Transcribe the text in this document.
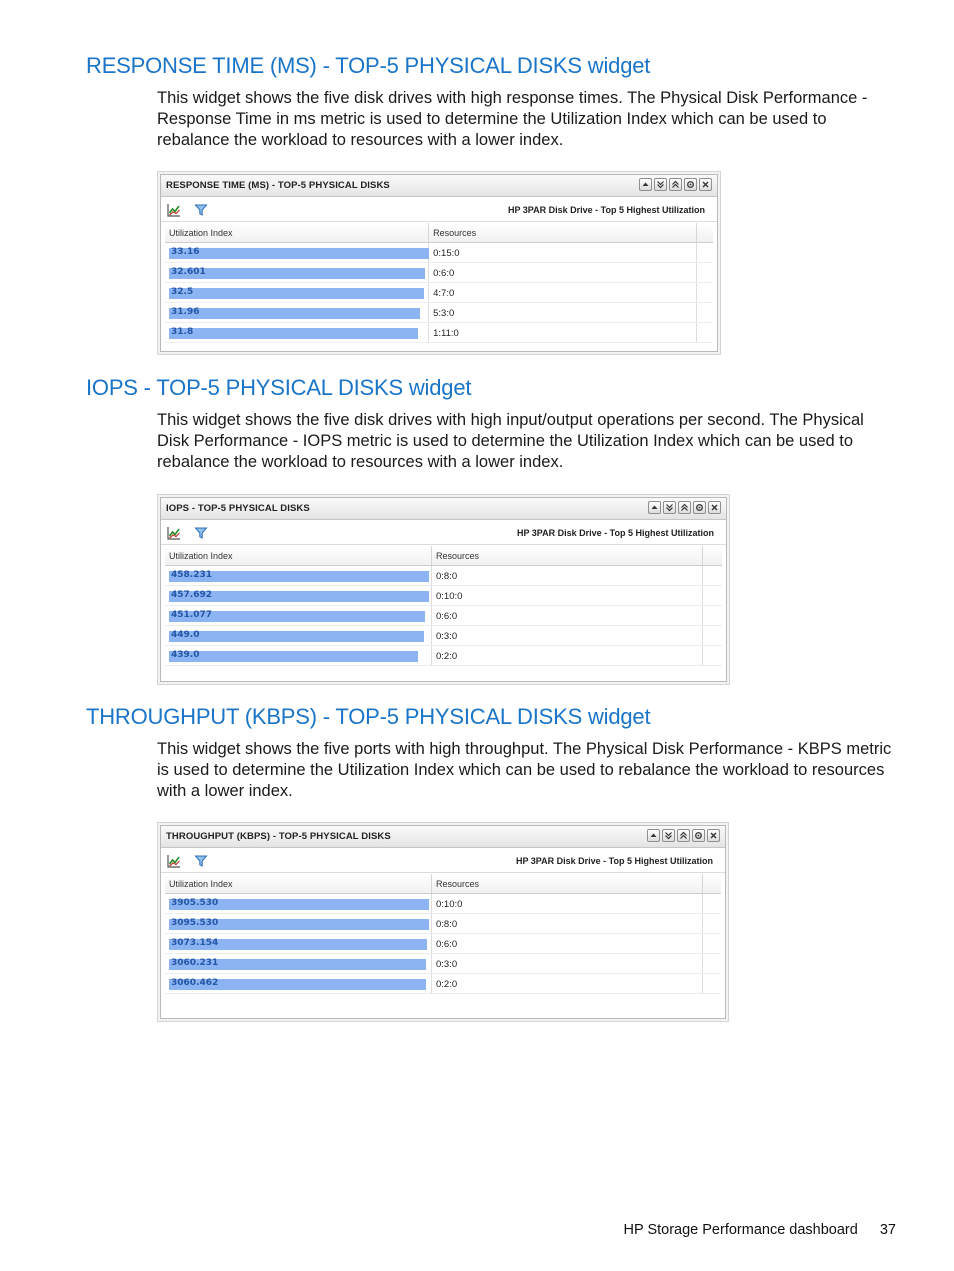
RESPONSE TIME (MS) - TOP-5 PHYSICAL DISKS widget

This widget shows the five disk drives with high response times. The Physical Disk Performance - Response Time in ms metric is used to determine the Utilization Index which can be used to rebalance the workload to resources with a lower index.

RESPONSE TIME (MS) - TOP-5 PHYSICAL DISKS
HP 3PAR Disk Drive - Top 5 Highest Utilization
Utilization Index	Resources
33.16	0:15:0
32.601	0:6:0
32.5	4:7:0
31.96	5:3:0
31.8	1:11:0
IOPS - TOP-5 PHYSICAL DISKS widget

This widget shows the five disk drives with high input/output operations per second. The Physical Disk Performance - IOPS metric is used to determine the Utilization Index which can be used to rebalance the workload to resources with a lower index.

IOPS - TOP-5 PHYSICAL DISKS
HP 3PAR Disk Drive - Top 5 Highest Utilization
Utilization Index	Resources
458.231	0:8:0
457.692	0:10:0
451.077	0:6:0
449.0	0:3:0
439.0	0:2:0
THROUGHPUT (KBPS) - TOP-5 PHYSICAL DISKS widget

This widget shows the five ports with high throughput. The Physical Disk Performance - KBPS metric is used to determine the Utilization Index which can be used to rebalance the workload to resources with a lower index.

THROUGHPUT (KBPS) - TOP-5 PHYSICAL DISKS
HP 3PAR Disk Drive - Top 5 Highest Utilization
Utilization Index	Resources
3905.530	0:10:0
3095.530	0:8:0
3073.154	0:6:0
3060.231	0:3:0
3060.462	0:2:0
HP Storage Performance dashboard 37
